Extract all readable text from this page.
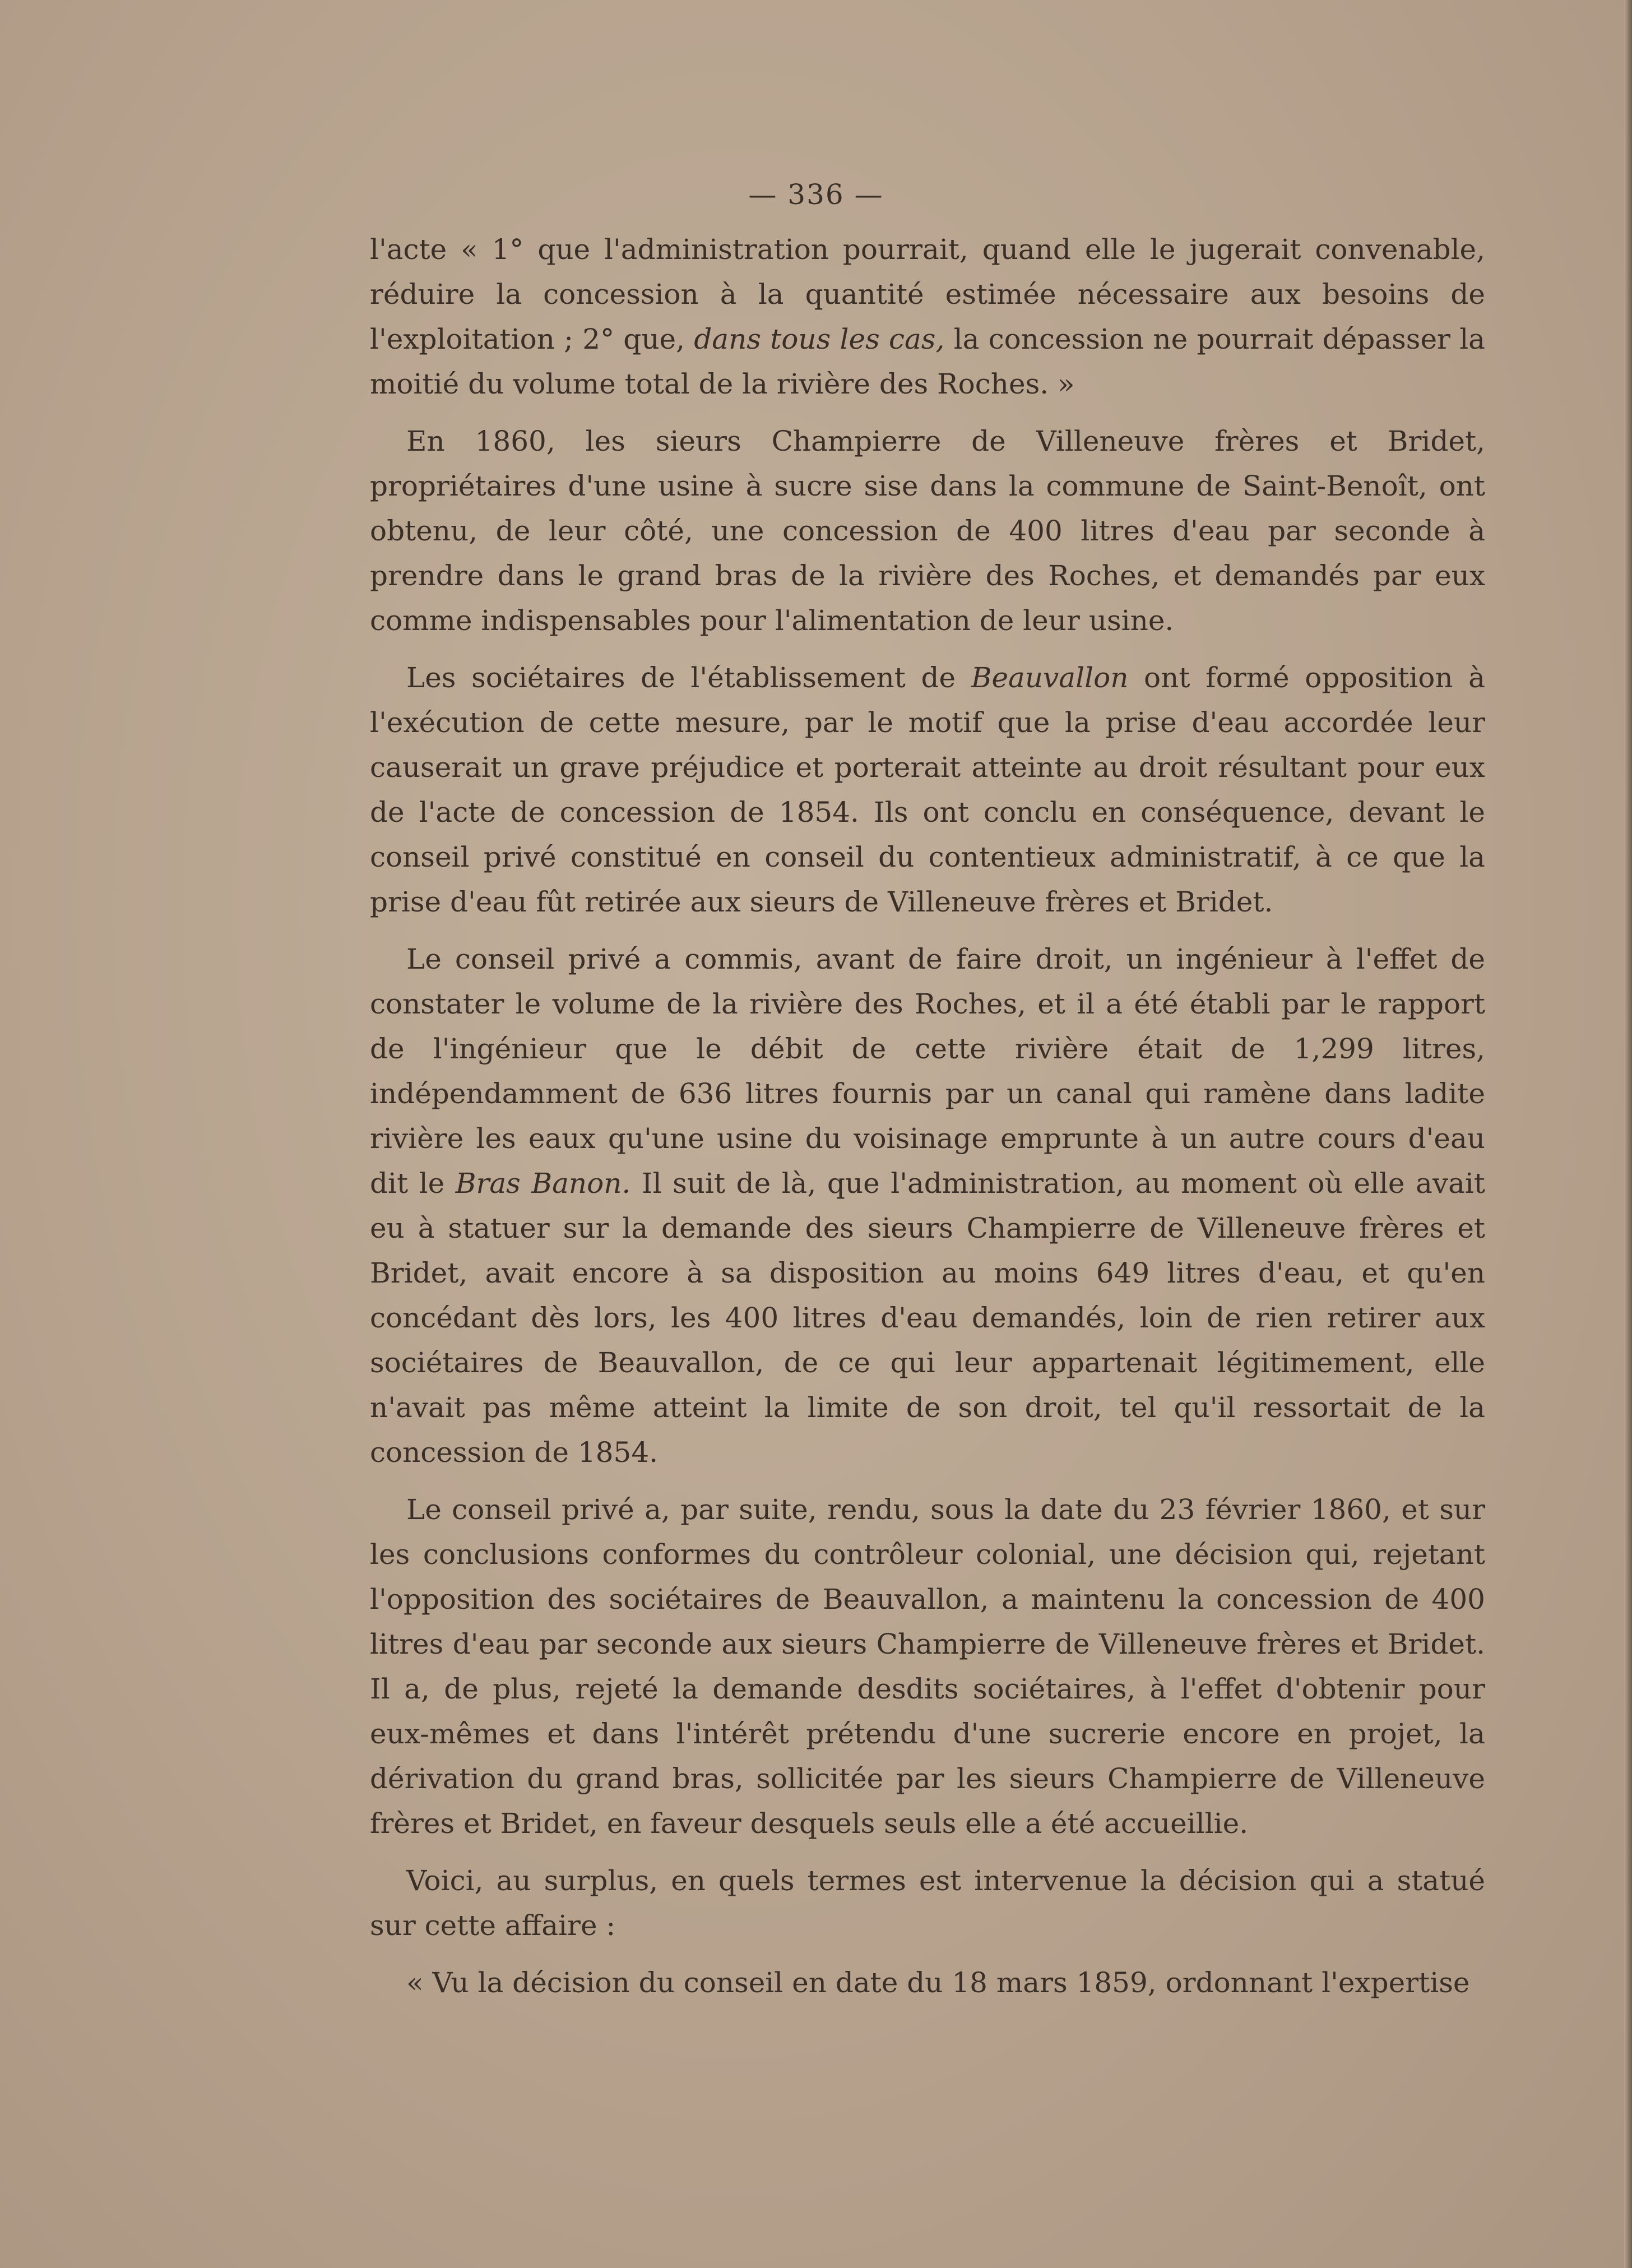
— 336 —

l'acte « 1° que l'administration pourrait, quand elle le jugerait convenable, réduire la concession à la quantité estimée nécessaire aux besoins de l'exploitation ; 2° que, dans tous les cas, la concession ne pourrait dépasser la moitié du volume total de la rivière des Roches. »

En 1860, les sieurs Champierre de Villeneuve frères et Bridet, propriétaires d'une usine à sucre sise dans la commune de Saint-Benoît, ont obtenu, de leur côté, une concession de 400 litres d'eau par seconde à prendre dans le grand bras de la rivière des Roches, et demandés par eux comme indispensables pour l'alimentation de leur usine.

Les sociétaires de l'établissement de Beauvallon ont formé opposition à l'exécution de cette mesure, par le motif que la prise d'eau accordée leur causerait un grave préjudice et porterait atteinte au droit résultant pour eux de l'acte de concession de 1854. Ils ont conclu en conséquence, devant le conseil privé constitué en conseil du contentieux administratif, à ce que la prise d'eau fût retirée aux sieurs de Villeneuve frères et Bridet.

Le conseil privé a commis, avant de faire droit, un ingénieur à l'effet de constater le volume de la rivière des Roches, et il a été établi par le rapport de l'ingénieur que le débit de cette rivière était de 1,299 litres, indépendamment de 636 litres fournis par un canal qui ramène dans ladite rivière les eaux qu'une usine du voisinage emprunte à un autre cours d'eau dit le Bras Banon. Il suit de là, que l'administration, au moment où elle avait eu à statuer sur la demande des sieurs Champierre de Villeneuve frères et Bridet, avait encore à sa disposition au moins 649 litres d'eau, et qu'en concédant dès lors, les 400 litres d'eau demandés, loin de rien retirer aux sociétaires de Beauvallon, de ce qui leur appartenait légitimement, elle n'avait pas même atteint la limite de son droit, tel qu'il ressortait de la concession de 1854.

Le conseil privé a, par suite, rendu, sous la date du 23 février 1860, et sur les conclusions conformes du contrôleur colonial, une décision qui, rejetant l'opposition des sociétaires de Beauvallon, a maintenu la concession de 400 litres d'eau par seconde aux sieurs Champierre de Villeneuve frères et Bridet. Il a, de plus, rejeté la demande desdits sociétaires, à l'effet d'obtenir pour eux-mêmes et dans l'intérêt prétendu d'une sucrerie encore en projet, la dérivation du grand bras, sollicitée par les sieurs Champierre de Villeneuve frères et Bridet, en faveur desquels seuls elle a été accueillie.

Voici, au surplus, en quels termes est intervenue la décision qui a statué sur cette affaire :

« Vu la décision du conseil en date du 18 mars 1859, ordonnant l'expertise
